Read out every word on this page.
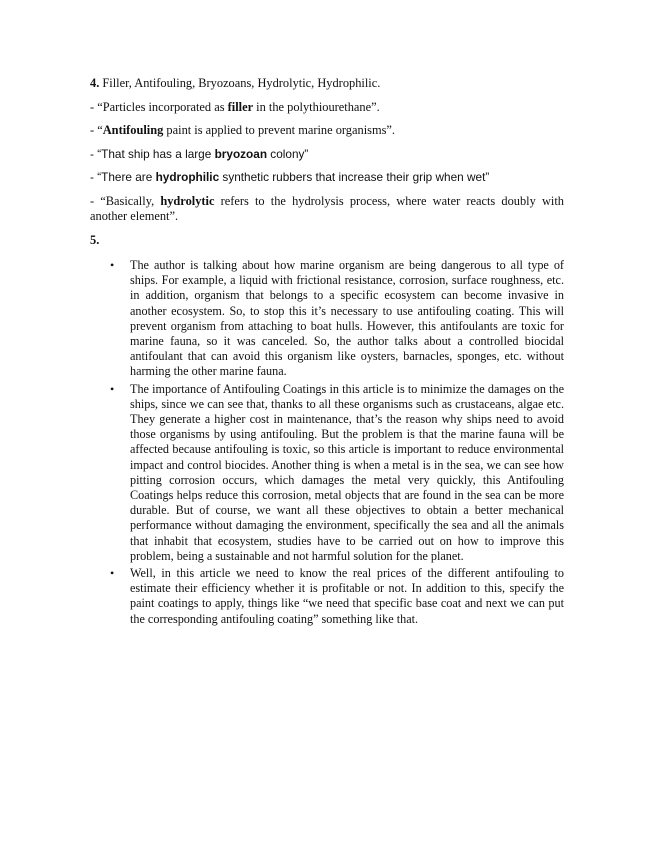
4. Filler, Antifouling, Bryozoans, Hydrolytic, Hydrophilic.

- “Particles incorporated as filler in the polythiourethane”.

- “Antifouling paint is applied to prevent marine organisms”.

- “That ship has a large bryozoan colony”

- “There are hydrophilic synthetic rubbers that increase their grip when wet”

- “Basically, hydrolytic refers to the hydrolysis process, where water reacts doubly with another element”.

5.

• The author is talking about how marine organism are being dangerous to all type of ships. For example, a liquid with frictional resistance, corrosion, surface roughness, etc. in addition, organism that belongs to a specific ecosystem can become invasive in another ecosystem. So, to stop this it’s necessary to use antifouling coating. This will prevent organism from attaching to boat hulls. However, this antifoulants are toxic for marine fauna, so it was canceled. So, the author talks about a controlled biocidal antifoulant that can avoid this organism like oysters, barnacles, sponges, etc. without harming the other marine fauna.

• The importance of Antifouling Coatings in this article is to minimize the damages on the ships, since we can see that, thanks to all these organisms such as crustaceans, algae etc. They generate a higher cost in maintenance, that’s the reason why ships need to avoid those organisms by using antifouling. But the problem is that the marine fauna will be affected because antifouling is toxic, so this article is important to reduce environmental impact and control biocides. Another thing is when a metal is in the sea, we can see how pitting corrosion occurs, which damages the metal very quickly, this Antifouling Coatings helps reduce this corrosion, metal objects that are found in the sea can be more durable. But of course, we want all these objectives to obtain a better mechanical performance without damaging the environment, specifically the sea and all the animals that inhabit that ecosystem, studies have to be carried out on how to improve this problem, being a sustainable and not harmful solution for the planet.

• Well, in this article we need to know the real prices of the different antifouling to estimate their efficiency whether it is profitable or not. In addition to this, specify the paint coatings to apply, things like “we need that specific base coat and next we can put the corresponding antifouling coating” something like that.
